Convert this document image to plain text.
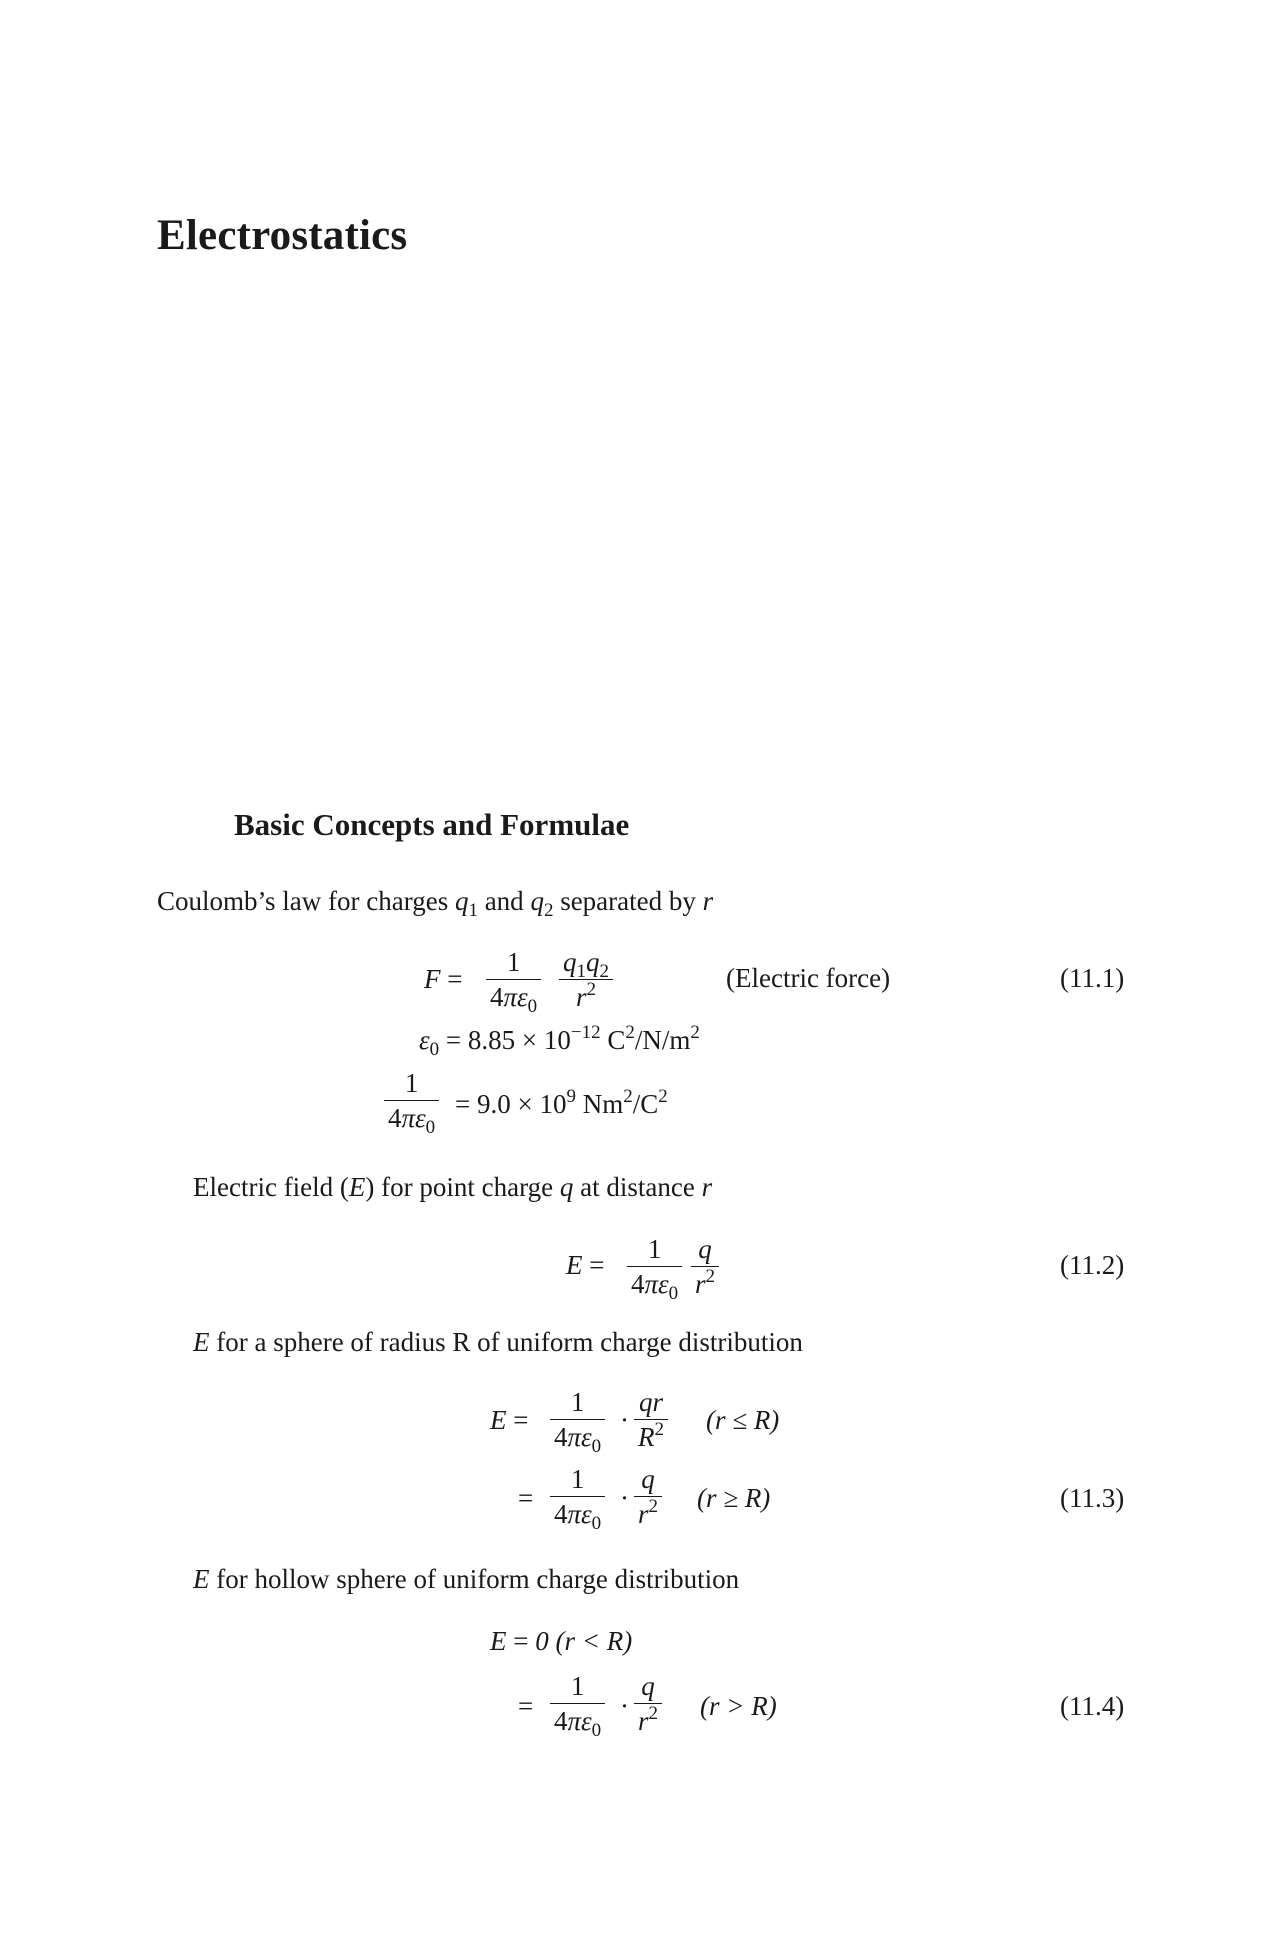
Electrostatics
Basic Concepts and Formulae
Coulomb’s law for charges $q_1$ and $q_2$ separated by r
F =
1
$4\pi\varepsilon_0$
$q_1q_2$
$r^2$	(Electric force)	(11.1)
$\varepsilon_0 = 8.85 \times 10^{-12}$ $C^2/N/m^2$
1
$4\pi\varepsilon_0$
= $9.0 \times 10^9$ $Nm^2/C^2$
Electric field (E) for point charge q at distance r
E =
1
$4\pi\varepsilon_0$
q
$r^2$	(11.2)
E for a sphere of radius R of uniform charge distribution
E =
1
$4\pi\varepsilon_0$
·
qr
$R^2$ (r ≤ R)
=
1
$4\pi\varepsilon_0$
·
q
$r^2$ (r ≥ R)	(11.3)
E for hollow sphere of uniform charge distribution
E = 0 (r < R)
=
1
$4\pi\varepsilon_0$
·
q
$r^2$ (r > R)	(11.4)
